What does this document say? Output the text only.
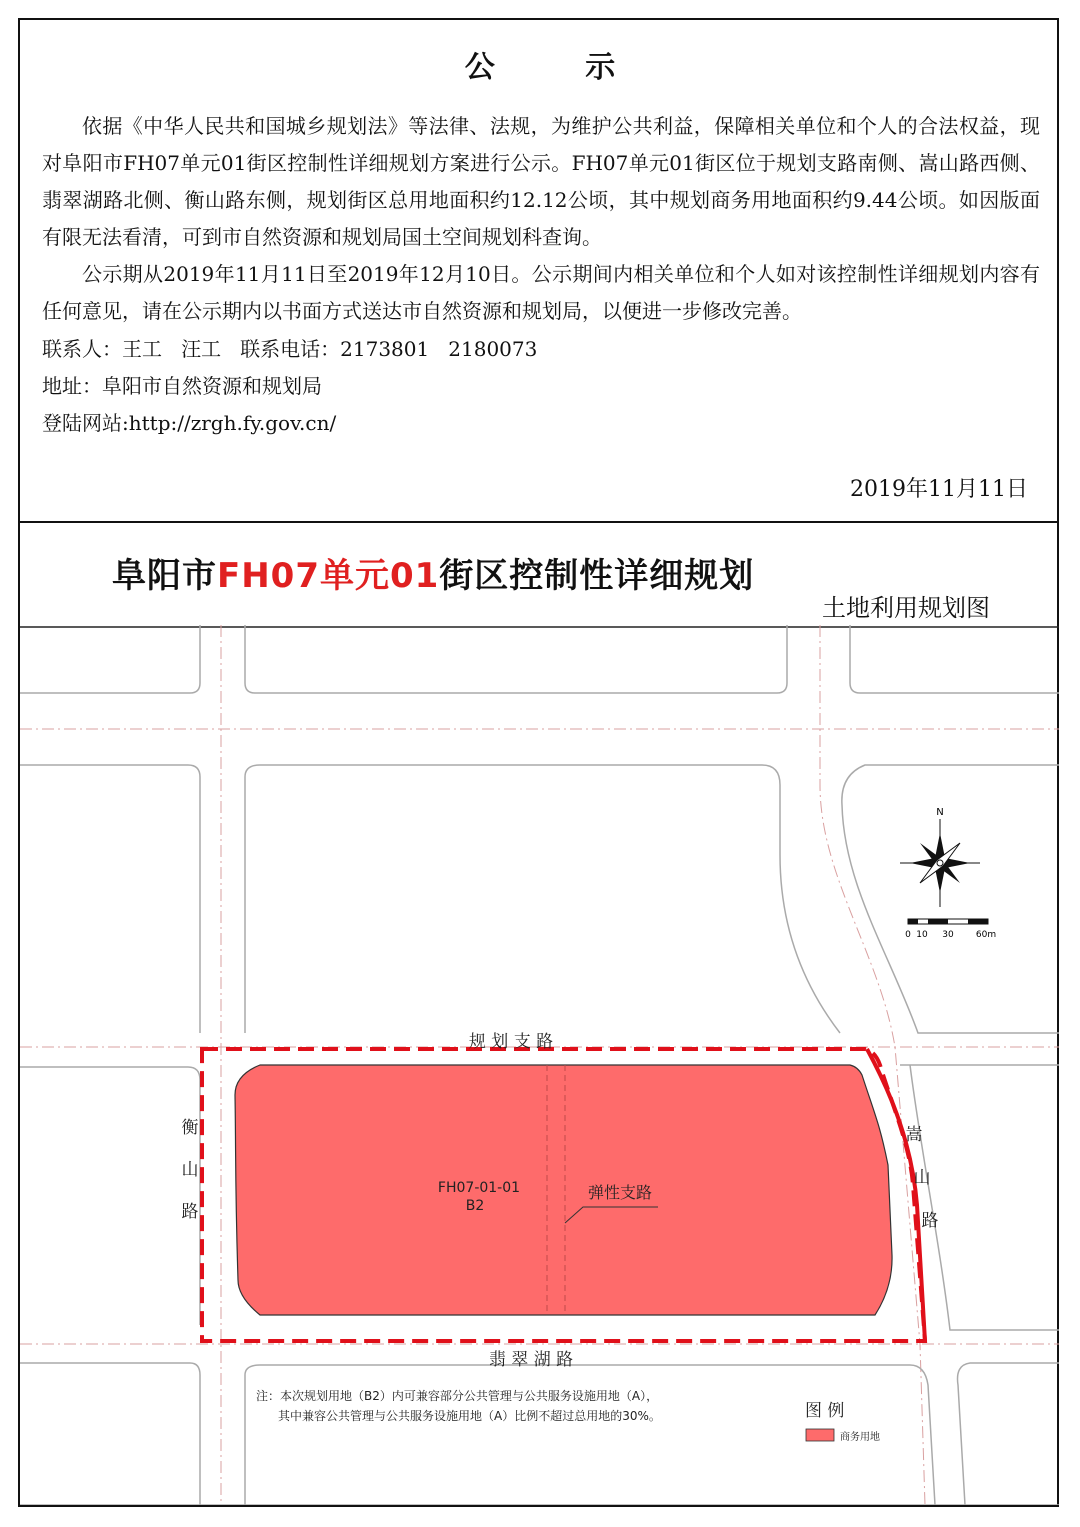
公 示

依据《中华人民共和国城乡规划法》等法律、法规，为维护公共利益，保障相关单位和个人的合法权益，现对阜阳市FH07单元01街区控制性详细规划方案进行公示。FH07单元01街区位于规划支路南侧、嵩山路西侧、翡翠湖路北侧、衡山路东侧，规划街区总用地面积约12.12公顷，其中规划商务用地面积约9.44公顷。如因版面有限无法看清，可到市自然资源和规划局国土空间规划科查询。

公示期从2019年11月11日至2019年12月10日。公示期间内相关单位和个人如对该控制性详细规划内容有任何意见，请在公示期内以书面方式送达市自然资源和规划局，以便进一步修改完善。

联系人：王工   汪工   联系电话：2173801   2180073
地址：阜阳市自然资源和规划局
登陆网站:http://zrgh.fy.gov.cn/
2019年11月11日
阜阳市FH07单元01街区控制性详细规划
土地利用规划图
规 划 支 路
翡 翠 湖 路
衡
山
路
嵩
山
路
FH07-01-01
B2
弹性支路
N
0 10 30 60m
注：本次规划用地（B2）内可兼容部分公共管理与公共服务设施用地（A），
其中兼容公共管理与公共服务设施用地（A）比例不超过总用地的30%。	图 例
商务用地
